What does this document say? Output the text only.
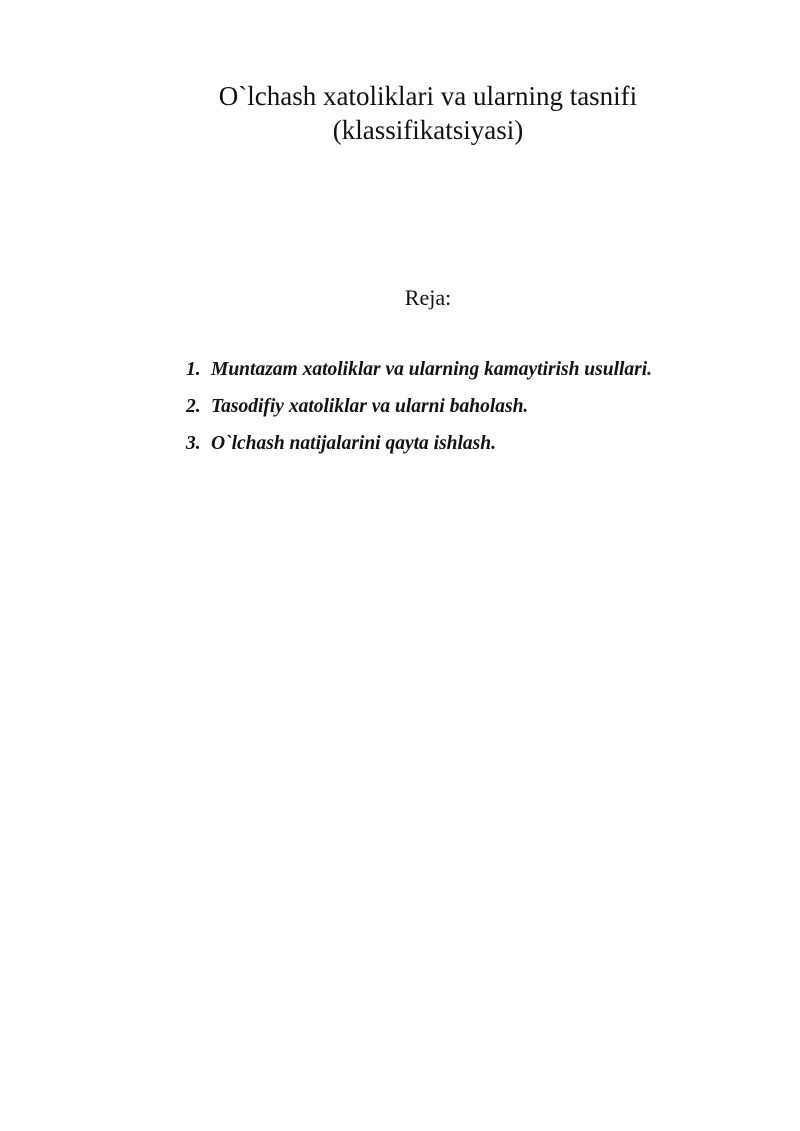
O`lchash xatoliklari va ularning tasnifi
(klassifikatsiyasi)

Reja:

1. Muntazam xatoliklar va ularning kamaytirish usullari.
2. Tasodifiy xatoliklar va ularni baholash.
3. O`lchash natijalarini qayta ishlash.
